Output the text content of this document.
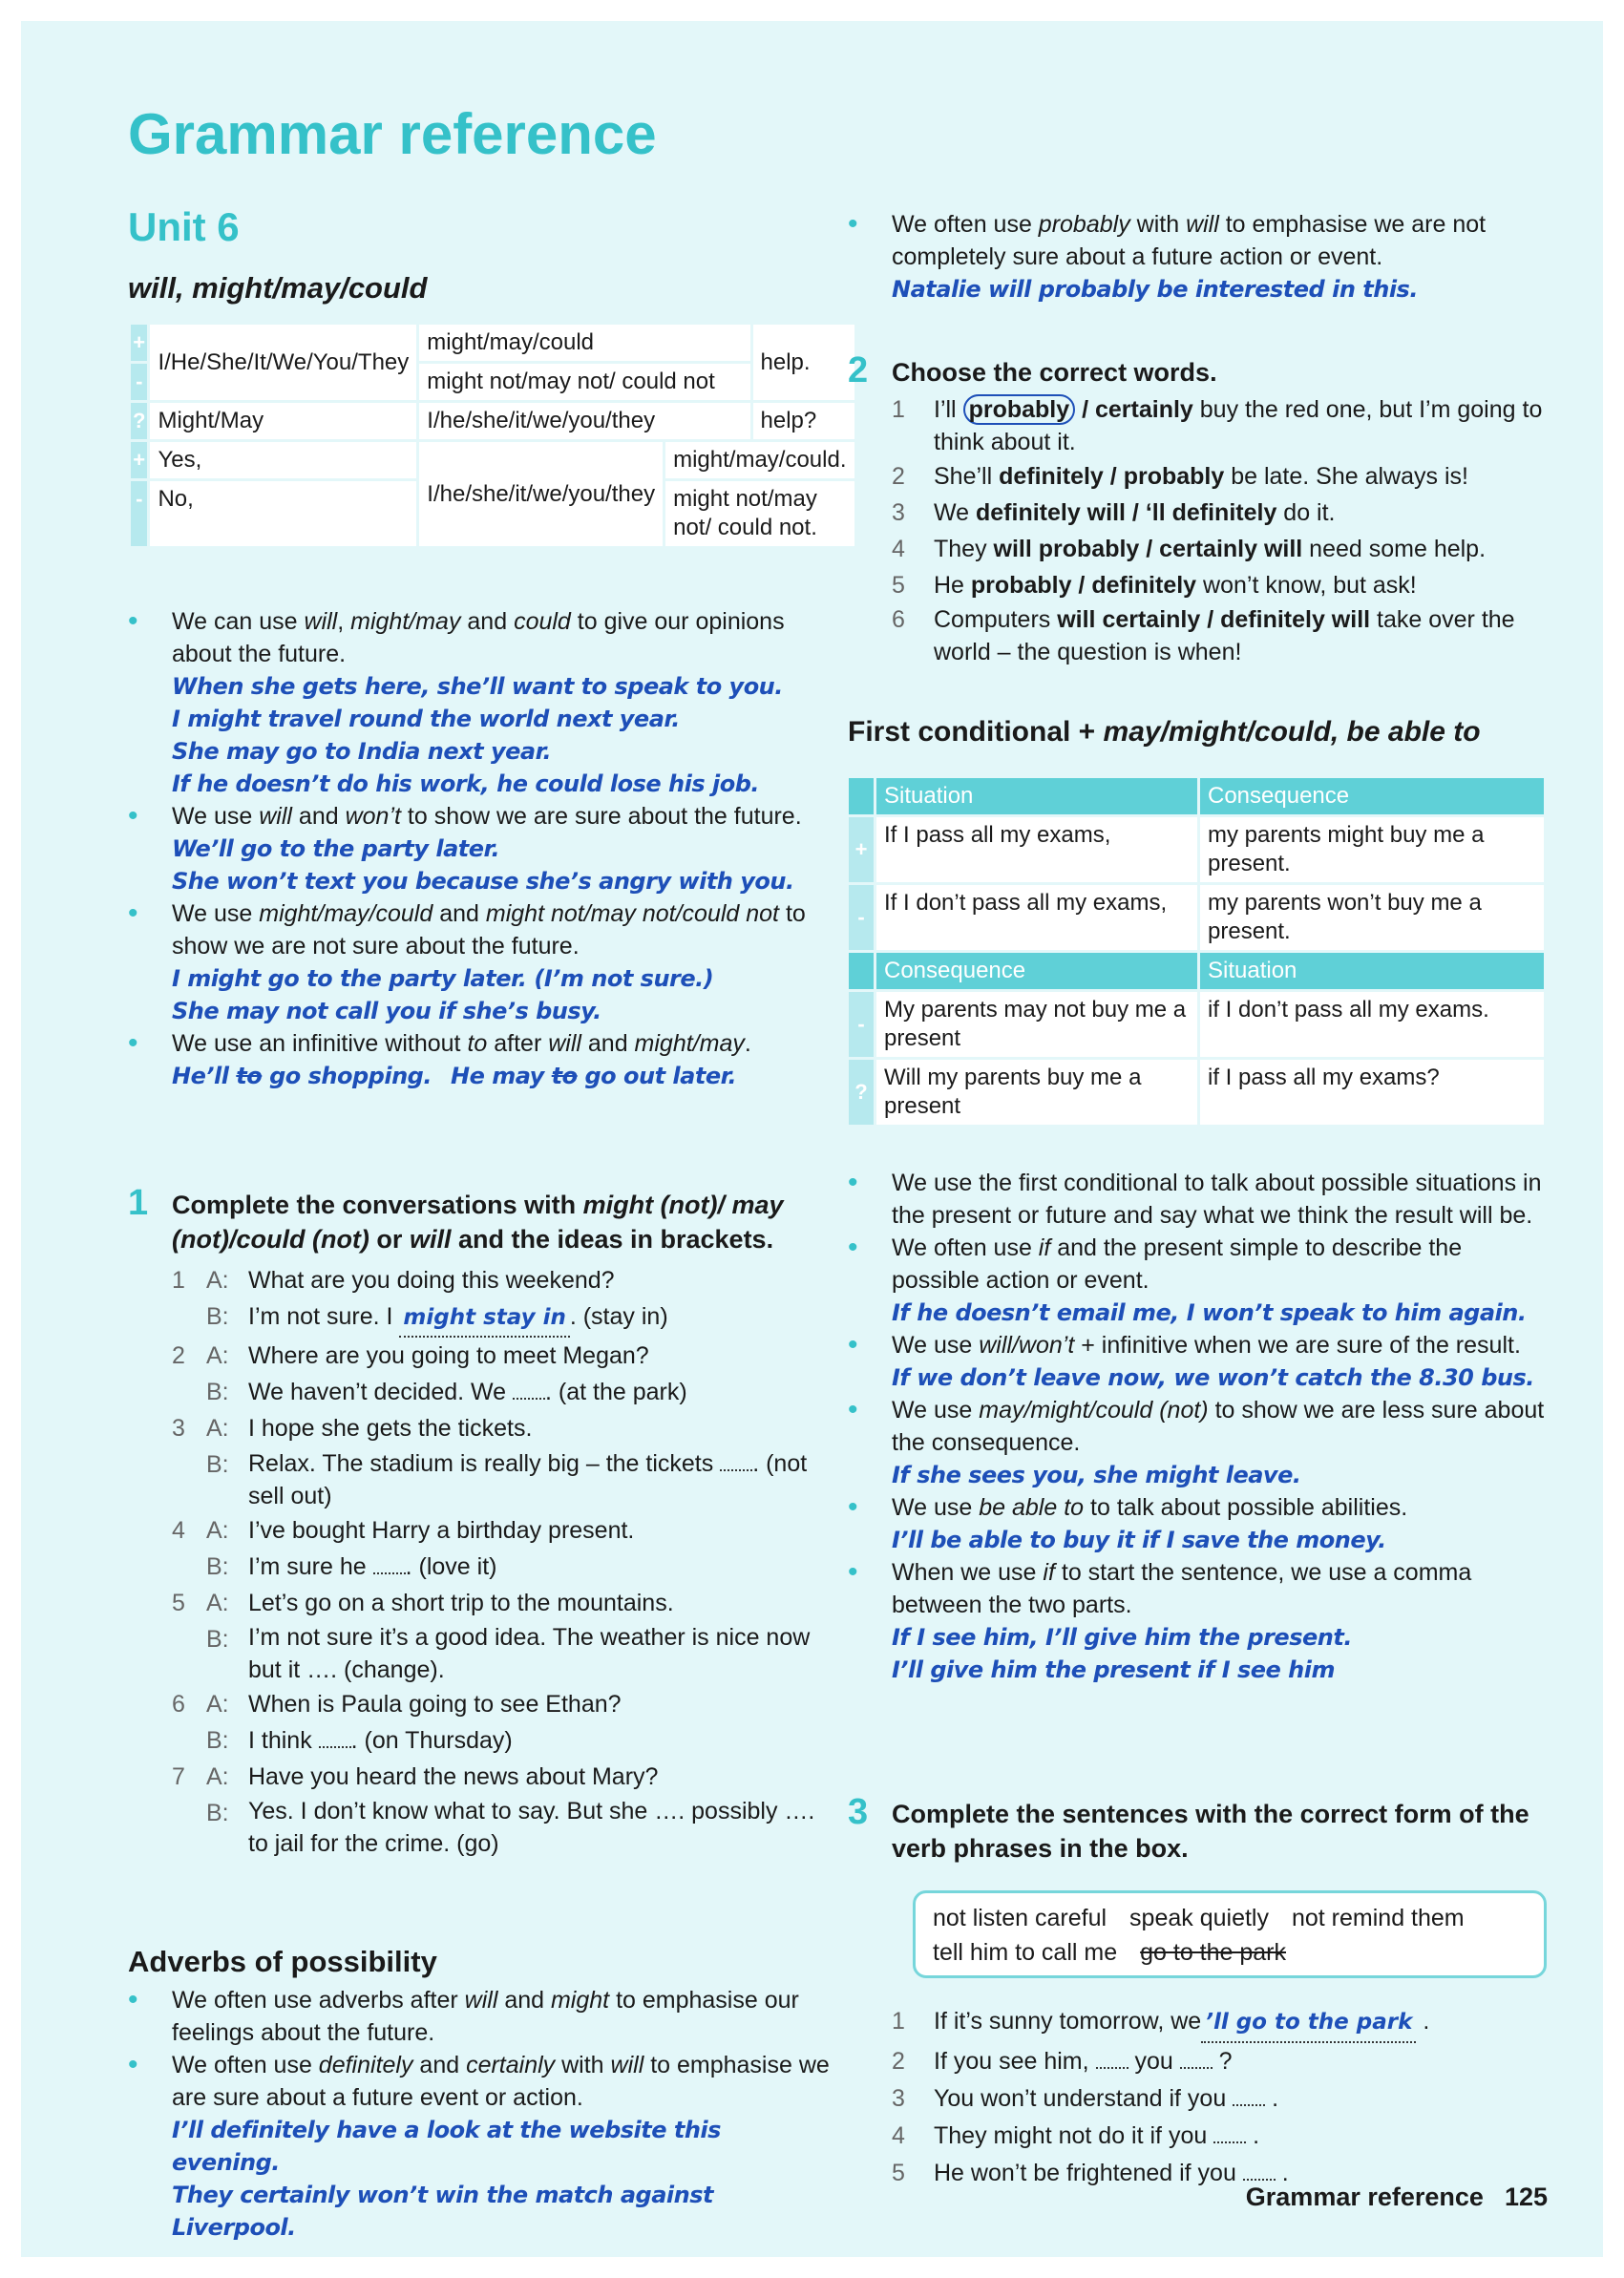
Grammar reference
Unit 6
will, might/may/could
+	I/He/She/It/We/You/They	might/may/could		help.
-		might not/may not/ could not		
?	Might/May	I/he/she/it/we/you/they		help?
+	Yes,	I/he/she/it/we/you/they	might/may/could.	
-	No,		might not/may not/ could not.	
• We can use will, might/may and could to give our opinions about the future.
When she gets here, she’ll want to speak to you.
I might travel round the world next year.
She may go to India next year.
If he doesn’t do his work, he could lose his job.
• We use will and won’t to show we are sure about the future.
We’ll go to the party later.
She won’t text you because she’s angry with you.
• We use might/may/could and might not/may not/could not to show we are not sure about the future.
I might go to the party later. (I’m not sure.)
She may not call you if she’s busy.
• We use an infinitive without to after will and might/may.
He’ll to go shopping. He may to go out later.
1 Complete the conversations with might (not)/ may (not)/could (not) or will and the ideas in brackets.
1 A: What are you doing this weekend?
B: I’m not sure. I might stay in . (stay in)
2 A: Where are you going to meet Megan?
B: We haven’t decided. We . (at the park)
3 A: I hope she gets the tickets.
B: Relax. The stadium is really big – the tickets . (not sell out)
4 A: I’ve bought Harry a birthday present.
B: I’m sure he . (love it)
5 A: Let’s go on a short trip to the mountains.
B: I’m not sure it’s a good idea. The weather is nice now but it …. (change).
6 A: When is Paula going to see Ethan?
B: I think . (on Thursday)
7 A: Have you heard the news about Mary?
B: Yes. I don’t know what to say. But she …. possibly …. to jail for the crime. (go)
Adverbs of possibility
• We often use adverbs after will and might to emphasise our feelings about the future.
• We often use definitely and certainly with will to emphasise we are sure about a future event or action.
I’ll definitely have a look at the website this evening.
They certainly won’t win the match against Liverpool.
• We often use probably with will to emphasise we are not completely sure about a future action or event.
Natalie will probably be interested in this.
2 Choose the correct words.
1	I’ll probably / certainly buy the red one, but I’m going to think about it.
2	She’ll definitely / probably be late. She always is!
3	We definitely will / ‘ll definitely do it.
4	They will probably / certainly will need some help.
5	He probably / definitely won’t know, but ask!
6	Computers will certainly / definitely will take over the world – the question is when!
First conditional + may/might/could, be able to
	Situation	Consequence
+	If I pass all my exams,	my parents might buy me a present.
-	If I don’t pass all my exams,	my parents won’t buy me a present.
	Consequence	Situation
-	My parents may not buy me a present	if I don’t pass all my exams.
?	Will my parents buy me a present	if I pass all my exams?
• We use the first conditional to talk about possible situations in the present or future and say what we think the result will be.
• We often use if and the present simple to describe the possible action or event.
If he doesn’t email me, I won’t speak to him again.
• We use will/won’t + infinitive when we are sure of the result.
If we don’t leave now, we won’t catch the 8.30 bus.
• We use may/might/could (not) to show we are less sure about the consequence.
If she sees you, she might leave.
• We use be able to to talk about possible abilities.
I’ll be able to buy it if I save the money.
• When we use if to start the sentence, we use a comma between the two parts.
If I see him, I’ll give him the present.
I’ll give him the present if I see him
3 Complete the sentences with the correct form of the verb phrases in the box.
not listen careful speak quietly not remind them
tell him to call me go to the park
1	If it’s sunny tomorrow, we ’ll go to the park .
2	If you see him,  you  ?
3	You won’t understand if you  .
4	They might not do it if you  .
5	He won’t be frightened if you  .
Grammar reference 125
